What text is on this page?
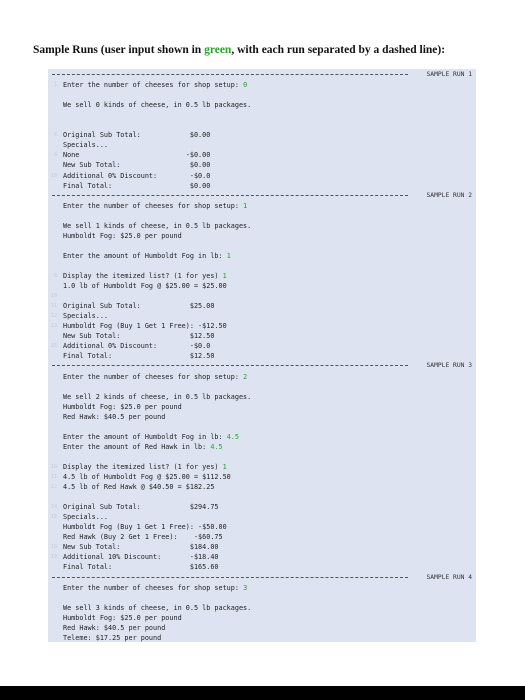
Sample Runs (user input shown in green, with each run separated by a dashed line):
SAMPLE RUN 1
1 Enter the number of cheeses for shop setup: 0
We sell 0 kinds of cheese, in 0.5 lb packages.
6 Original Sub Total:            $0.00
Specials...
8 None                          -$0.00
New Sub Total:                 $0.00
10 Additional 0% Discount:        -$0.0
Final Total:                   $0.00
SAMPLE RUN 2
Enter the number of cheeses for shop setup: 1
We sell 1 kinds of cheese, in 0.5 lb packages.
Humboldt Fog: $25.0 per pound
Enter the amount of Humboldt Fog in lb: 1
8 Display the itemized list? (1 for yes) 1
1.0 lb of Humboldt Fog @ $25.00 = $25.00
10
11 Original Sub Total:            $25.00
12 Specials...
13 Humboldt Fog (Buy 1 Get 1 Free): -$12.50
New Sub Total:                 $12.50
15 Additional 0% Discount:        -$0.0
Final Total:                   $12.50
SAMPLE RUN 3
Enter the number of cheeses for shop setup: 2
We sell 2 kinds of cheese, in 0.5 lb packages.
Humboldt Fog: $25.0 per pound
Red Hawk: $40.5 per pound
Enter the amount of Humboldt Fog in lb: 4.5
Enter the amount of Red Hawk in lb: 4.5
10 Display the itemized list? (1 for yes) 1
11 4.5 lb of Humboldt Fog @ $25.00 = $112.50
12 4.5 lb of Red Hawk @ $40.50 = $182.25
14 Original Sub Total:            $294.75
15 Specials...
Humboldt Fog (Buy 1 Get 1 Free): -$50.00
Red Hawk (Buy 2 Get 1 Free):    -$60.75
18 New Sub Total:                 $184.00
19 Additional 10% Discount:       -$18.40
Final Total:                   $165.60
SAMPLE RUN 4
Enter the number of cheeses for shop setup: 3
We sell 3 kinds of cheese, in 0.5 lb packages.
Humboldt Fog: $25.0 per pound
Red Hawk: $40.5 per pound
Teleme: $17.25 per pound
